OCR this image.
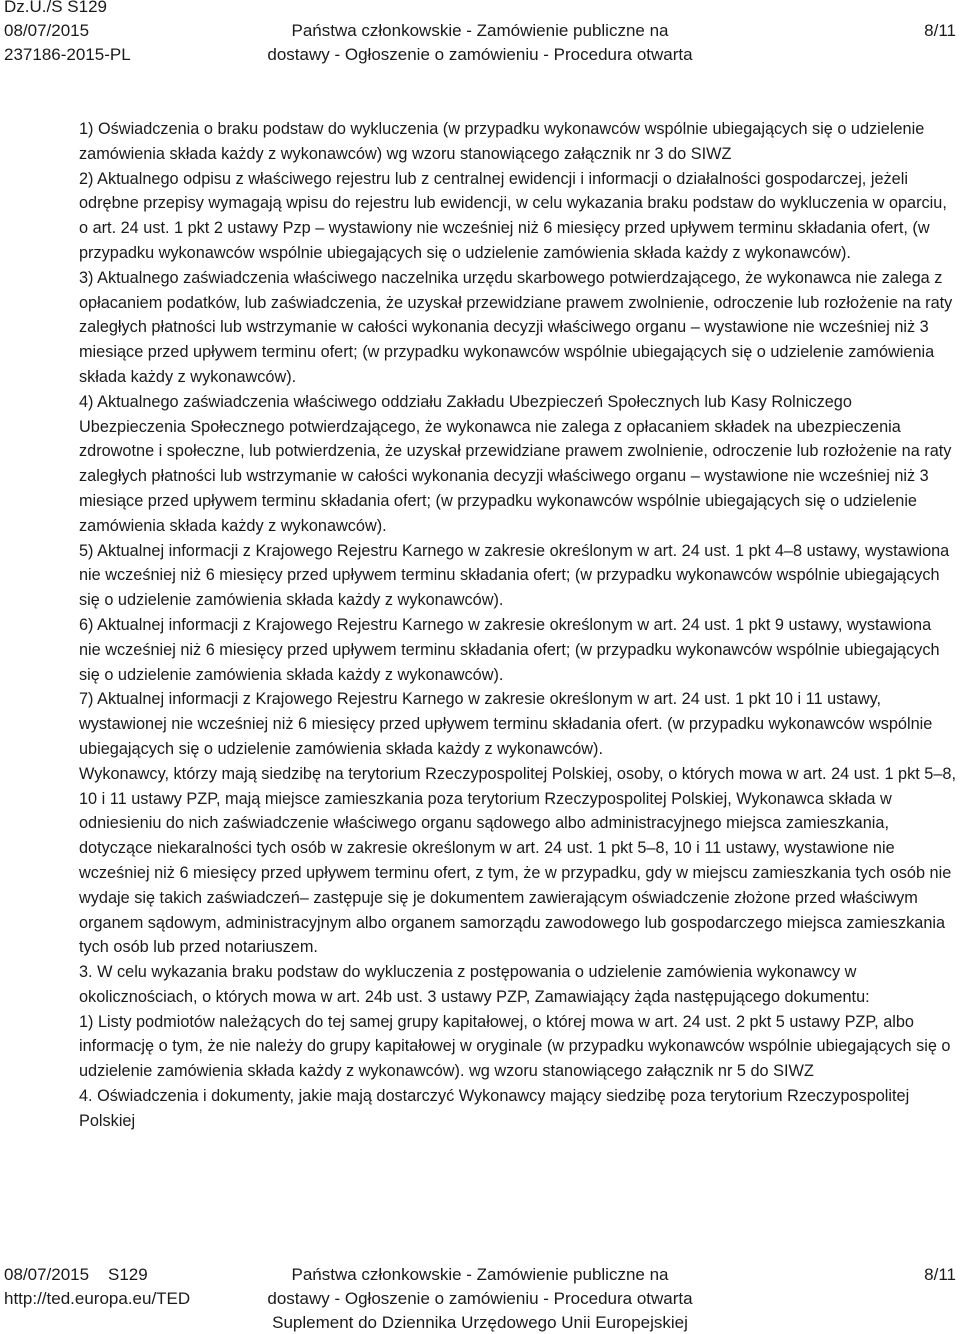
Dz.U./S S129
08/07/2015
237186-2015-PL
Państwa członkowskie - Zamówienie publiczne na
dostawy - Ogłoszenie o zamówieniu - Procedura otwarta
8/11

1) Oświadczenia o braku podstaw do wykluczenia (w przypadku wykonawców wspólnie ubiegających się o udzielenie zamówienia składa każdy z wykonawców) wg wzoru stanowiącego załącznik nr 3 do SIWZ

2) Aktualnego odpisu z właściwego rejestru lub z centralnej ewidencji i informacji o działalności gospodarczej, jeżeli odrębne przepisy wymagają wpisu do rejestru lub ewidencji, w celu wykazania braku podstaw do wykluczenia w oparciu, o art. 24 ust. 1 pkt 2 ustawy Pzp – wystawiony nie wcześniej niż 6 miesięcy przed upływem terminu składania ofert, (w przypadku wykonawców wspólnie ubiegających się o udzielenie zamówienia składa każdy z wykonawców).

3) Aktualnego zaświadczenia właściwego naczelnika urzędu skarbowego potwierdzającego, że wykonawca nie zalega z opłacaniem podatków, lub zaświadczenia, że uzyskał przewidziane prawem zwolnienie, odroczenie lub rozłożenie na raty zaległych płatności lub wstrzymanie w całości wykonania decyzji właściwego organu – wystawione nie wcześniej niż 3 miesiące przed upływem terminu ofert; (w przypadku wykonawców wspólnie ubiegających się o udzielenie zamówienia składa każdy z wykonawców).

4) Aktualnego zaświadczenia właściwego oddziału Zakładu Ubezpieczeń Społecznych lub Kasy Rolniczego Ubezpieczenia Społecznego potwierdzającego, że wykonawca nie zalega z opłacaniem składek na ubezpieczenia zdrowotne i społeczne, lub potwierdzenia, że uzyskał przewidziane prawem zwolnienie, odroczenie lub rozłożenie na raty zaległych płatności lub wstrzymanie w całości wykonania decyzji właściwego organu – wystawione nie wcześniej niż 3 miesiące przed upływem terminu składania ofert; (w przypadku wykonawców wspólnie ubiegających się o udzielenie zamówienia składa każdy z wykonawców).

5) Aktualnej informacji z Krajowego Rejestru Karnego w zakresie określonym w art. 24 ust. 1 pkt 4–8 ustawy, wystawiona nie wcześniej niż 6 miesięcy przed upływem terminu składania ofert; (w przypadku wykonawców wspólnie ubiegających się o udzielenie zamówienia składa każdy z wykonawców).

6) Aktualnej informacji z Krajowego Rejestru Karnego w zakresie określonym w art. 24 ust. 1 pkt 9 ustawy, wystawiona nie wcześniej niż 6 miesięcy przed upływem terminu składania ofert; (w przypadku wykonawców wspólnie ubiegających się o udzielenie zamówienia składa każdy z wykonawców).

7) Aktualnej informacji z Krajowego Rejestru Karnego w zakresie określonym w art. 24 ust. 1 pkt 10 i 11 ustawy, wystawionej nie wcześniej niż 6 miesięcy przed upływem terminu składania ofert. (w przypadku wykonawców wspólnie ubiegających się o udzielenie zamówienia składa każdy z wykonawców).

Wykonawcy, którzy mają siedzibę na terytorium Rzeczypospolitej Polskiej, osoby, o których mowa w art. 24 ust. 1 pkt 5–8, 10 i 11 ustawy PZP, mają miejsce zamieszkania poza terytorium Rzeczypospolitej Polskiej, Wykonawca składa w odniesieniu do nich zaświadczenie właściwego organu sądowego albo administracyjnego miejsca zamieszkania, dotyczące niekaralności tych osób w zakresie określonym w art. 24 ust. 1 pkt 5–8, 10 i 11 ustawy, wystawione nie wcześniej niż 6 miesięcy przed upływem terminu ofert, z tym, że w przypadku, gdy w miejscu zamieszkania tych osób nie wydaje się takich zaświadczeń– zastępuje się je dokumentem zawierającym oświadczenie złożone przed właściwym organem sądowym, administracyjnym albo organem samorządu zawodowego lub gospodarczego miejsca zamieszkania tych osób lub przed notariuszem.

3. W celu wykazania braku podstaw do wykluczenia z postępowania o udzielenie zamówienia wykonawcy w okolicznościach, o których mowa w art. 24b ust. 3 ustawy PZP, Zamawiający żąda następującego dokumentu:

1) Listy podmiotów należących do tej samej grupy kapitałowej, o której mowa w art. 24 ust. 2 pkt 5 ustawy PZP, albo informację o tym, że nie należy do grupy kapitałowej w oryginale (w przypadku wykonawców wspólnie ubiegających się o udzielenie zamówienia składa każdy z wykonawców). wg wzoru stanowiącego załącznik nr 5 do SIWZ

4. Oświadczenia i dokumenty, jakie mają dostarczyć Wykonawcy mający siedzibę poza terytorium Rzeczypospolitej Polskiej

08/07/2015    S129
http://ted.europa.eu/TED
Państwa członkowskie - Zamówienie publiczne na
dostawy - Ogłoszenie o zamówieniu - Procedura otwarta
Suplement do Dziennika Urzędowego Unii Europejskiej
8/11
